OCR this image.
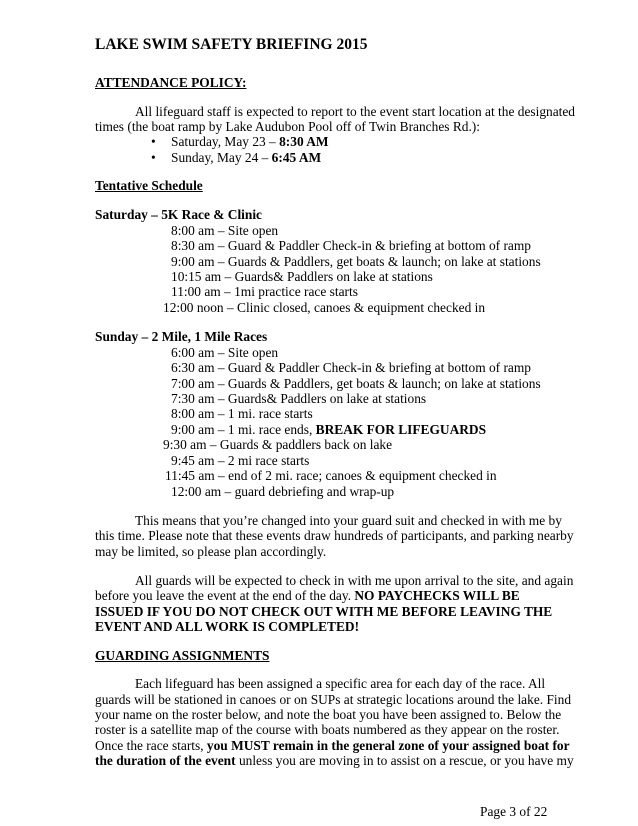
LAKE SWIM SAFETY BRIEFING 2015
ATTENDANCE POLICY:
All lifeguard staff is expected to report to the event start location at the designated
times (the boat ramp by Lake Audubon Pool off of Twin Branches Rd.):
• Saturday, May 23 – 8:30 AM
• Sunday, May 24 – 6:45 AM
Tentative Schedule
Saturday – 5K Race & Clinic
8:00 am – Site open
8:30 am – Guard & Paddler Check-in & briefing at bottom of ramp
9:00 am – Guards & Paddlers, get boats & launch; on lake at stations
10:15 am – Guards& Paddlers on lake at stations
11:00 am – 1mi practice race starts
12:00 noon – Clinic closed, canoes & equipment checked in
Sunday – 2 Mile, 1 Mile Races
6:00 am – Site open
6:30 am – Guard & Paddler Check-in & briefing at bottom of ramp
7:00 am – Guards & Paddlers, get boats & launch; on lake at stations
7:30 am – Guards& Paddlers on lake at stations
8:00 am – 1 mi. race starts
9:00 am – 1 mi. race ends, BREAK FOR LIFEGUARDS
9:30 am – Guards & paddlers back on lake
9:45 am – 2 mi race starts
11:45 am – end of 2 mi. race; canoes & equipment checked in
12:00 am – guard debriefing and wrap-up
This means that you’re changed into your guard suit and checked in with me by
this time. Please note that these events draw hundreds of participants, and parking nearby
may be limited, so please plan accordingly.
All guards will be expected to check in with me upon arrival to the site, and again
before you leave the event at the end of the day. NO PAYCHECKS WILL BE
ISSUED IF YOU DO NOT CHECK OUT WITH ME BEFORE LEAVING THE
EVENT AND ALL WORK IS COMPLETED!
GUARDING ASSIGNMENTS
Each lifeguard has been assigned a specific area for each day of the race. All
guards will be stationed in canoes or on SUPs at strategic locations around the lake. Find
your name on the roster below, and note the boat you have been assigned to. Below the
roster is a satellite map of the course with boats numbered as they appear on the roster.
Once the race starts, you MUST remain in the general zone of your assigned boat for
the duration of the event unless you are moving in to assist on a rescue, or you have my
Page 3 of 22
